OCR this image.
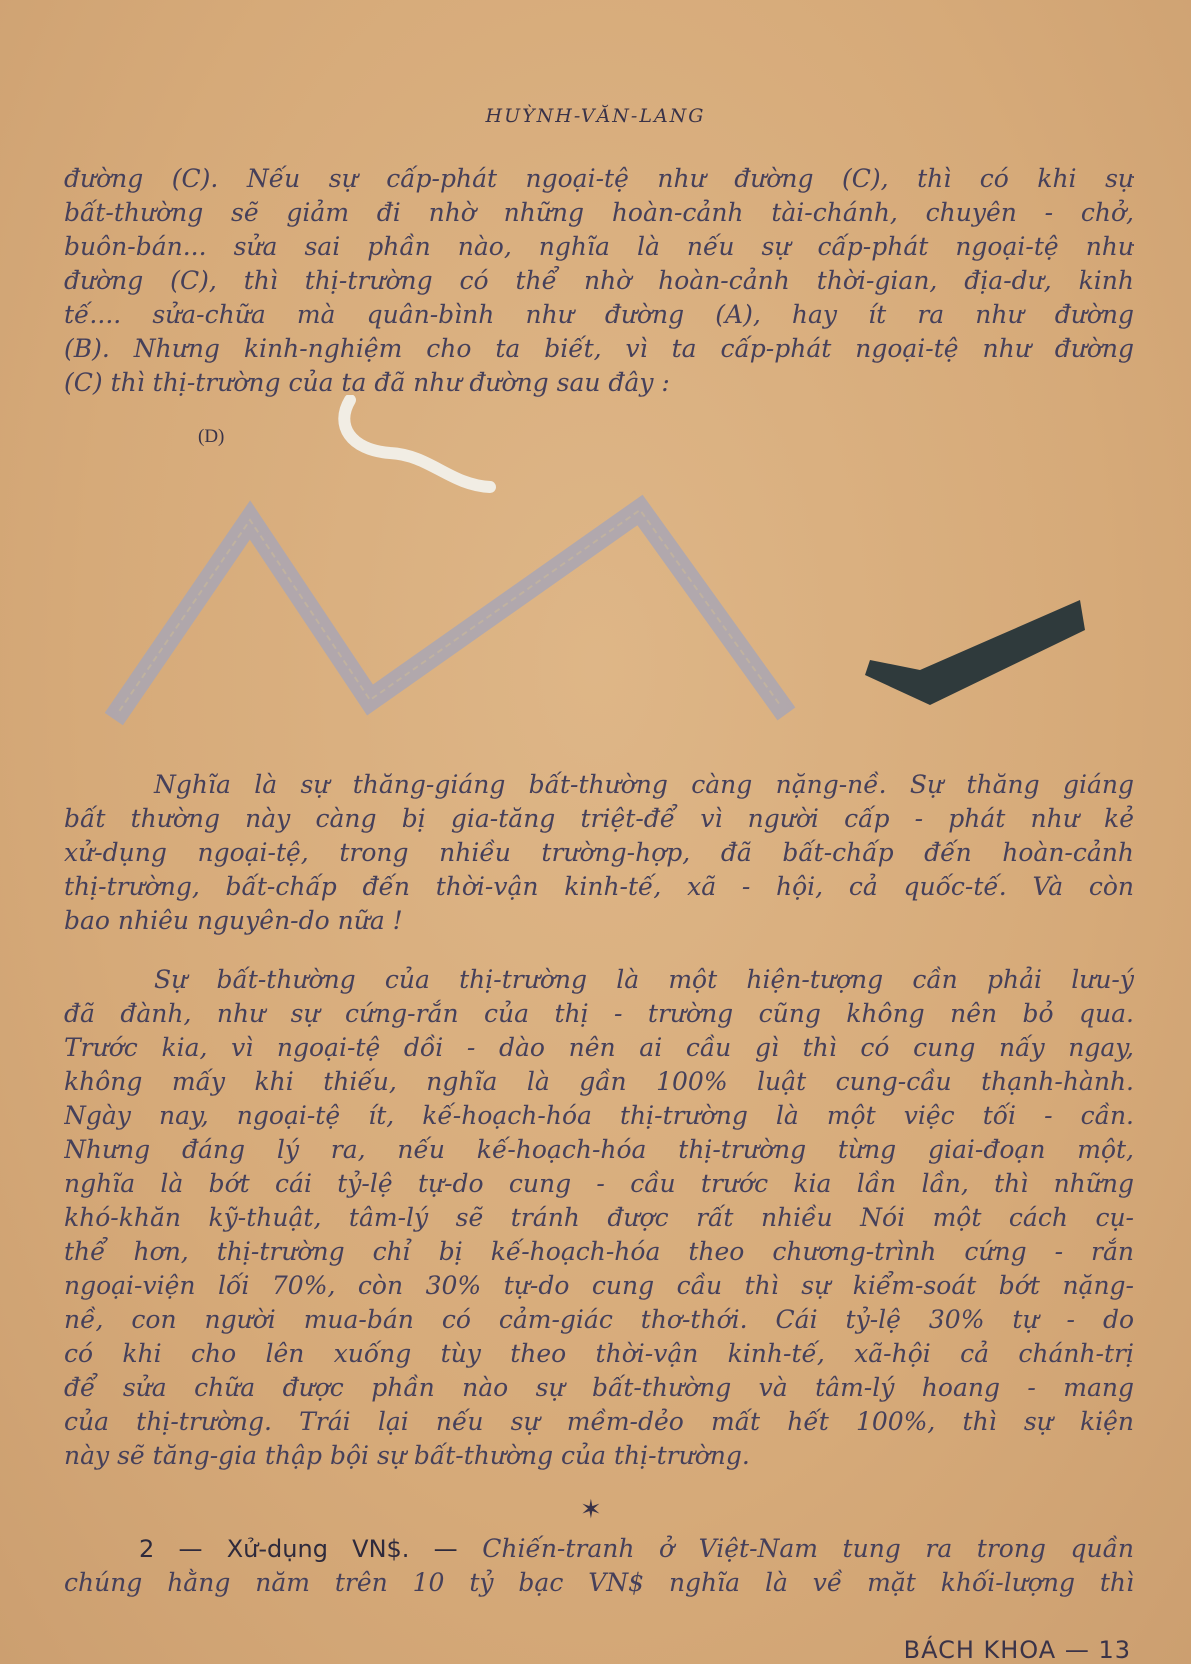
HUỲNH-VĂN-LANG
đường (C). Nếu sự cấp-phát ngoại-tệ như đường (C), thì có khi sự
bất-thường sẽ giảm đi nhờ những hoàn-cảnh tài-chánh, chuyên - chở,
buôn-bán... sửa sai phần nào, nghĩa là nếu sự cấp-phát ngoại-tệ như
đường (C), thì thị-trường có thể nhờ hoàn-cảnh thời-gian, địa-dư, kinh
tế.... sửa-chữa mà quân-bình như đường (A), hay ít ra như đường
(B). Nhưng kinh-nghiệm cho ta biết, vì ta cấp-phát ngoại-tệ như đường
(C) thì thị-trường của ta đã như đường sau đây :
(D)
Nghĩa là sự thăng-giáng bất-thường càng nặng-nề. Sự thăng giáng
bất thường này càng bị gia-tăng triệt-để vì người cấp - phát như kẻ
xử-dụng ngoại-tệ, trong nhiều trường-hợp, đã bất-chấp đến hoàn-cảnh
thị-trường, bất-chấp đến thời-vận kinh-tế, xã - hội, cả quốc-tế. Và còn
bao nhiêu nguyên-do nữa !
Sự bất-thường của thị-trường là một hiện-tượng cần phải lưu-ý
đã đành, như sự cứng-rắn của thị - trường cũng không nên bỏ qua.
Trước kia, vì ngoại-tệ dồi - dào nên ai cầu gì thì có cung nấy ngay,
không mấy khi thiếu, nghĩa là gần 100% luật cung-cầu thạnh-hành.
Ngày nay, ngoại-tệ ít, kế-hoạch-hóa thị-trường là một việc tối - cần.
Nhưng đáng lý ra, nếu kế-hoạch-hóa thị-trường từng giai-đoạn một,
nghĩa là bớt cái tỷ-lệ tự-do cung - cầu trước kia lần lần, thì những
khó-khăn kỹ-thuật, tâm-lý sẽ tránh được rất nhiều Nói một cách cụ-
thể hơn, thị-trường chỉ bị kế-hoạch-hóa theo chương-trình cứng - rắn
ngoại-viện lối 70%, còn 30% tự-do cung cầu thì sự kiểm-soát bớt nặng-
nề, con người mua-bán có cảm-giác thơ-thới. Cái tỷ-lệ 30% tự - do
có khi cho lên xuống tùy theo thời-vận kinh-tế, xã-hội cả chánh-trị
để sửa chữa được phần nào sự bất-thường và tâm-lý hoang - mang
của thị-trường. Trái lại nếu sự mềm-dẻo mất hết 100%, thì sự kiện
này sẽ tăng-gia thập bội sự bất-thường của thị-trường.
✶
2 — Xử-dụng VN$. — Chiến-tranh ở Việt-Nam tung ra trong quần
chúng hằng năm trên 10 tỷ bạc VN$ nghĩa là về mặt khối-lượng thì
BÁCH KHOA — 13
